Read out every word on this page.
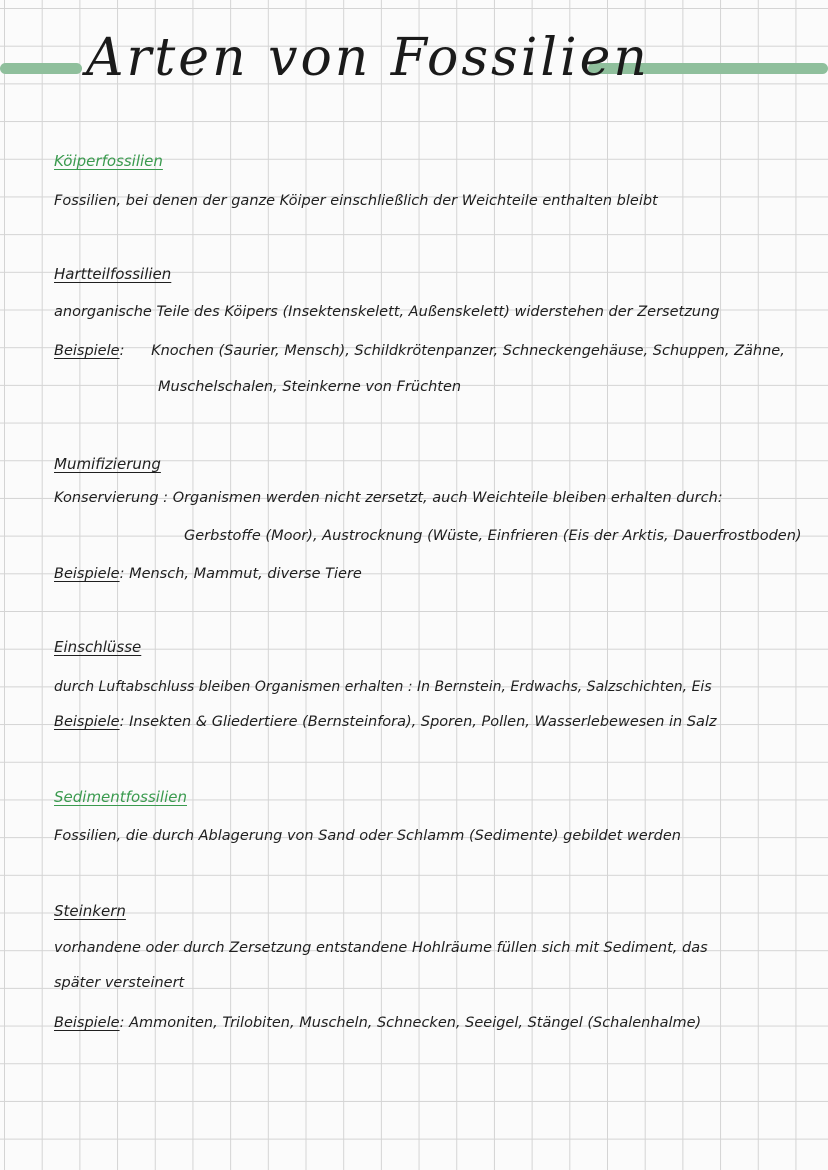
Arten von Fossilien

Köiperfossilien

Fossilien, bei denen der ganze Köiper einschließlich der Weichteile enthalten bleibt

Hartteilfossilien

anorganische Teile des Köipers (Insektenskelett, Außenskelett) widerstehen der Zersetzung

Beispiele: Knochen (Saurier, Mensch), Schildkrötenpanzer, Schneckengehäuse, Schuppen, Zähne,

Muschelschalen, Steinkerne von Früchten

Mumifizierung

Konservierung : Organismen werden nicht zersetzt, auch Weichteile bleiben erhalten durch:

Gerbstoffe (Moor), Austrocknung (Wüste, Einfrieren (Eis der Arktis, Dauerfrostboden)

Beispiele: Mensch, Mammut, diverse Tiere

Einschlüsse

durch Luftabschluss bleiben Organismen erhalten : In Bernstein, Erdwachs, Salzschichten, Eis

Beispiele: Insekten & Gliedertiere (Bernsteinfora), Sporen, Pollen, Wasserlebewesen in Salz

Sedimentfossilien

Fossilien, die durch Ablagerung von Sand oder Schlamm (Sedimente) gebildet werden

Steinkern

vorhandene oder durch Zersetzung entstandene Hohlräume füllen sich mit Sediment, das

später versteinert

Beispiele: Ammoniten, Trilobiten, Muscheln, Schnecken, Seeigel, Stängel (Schalenhalme)
